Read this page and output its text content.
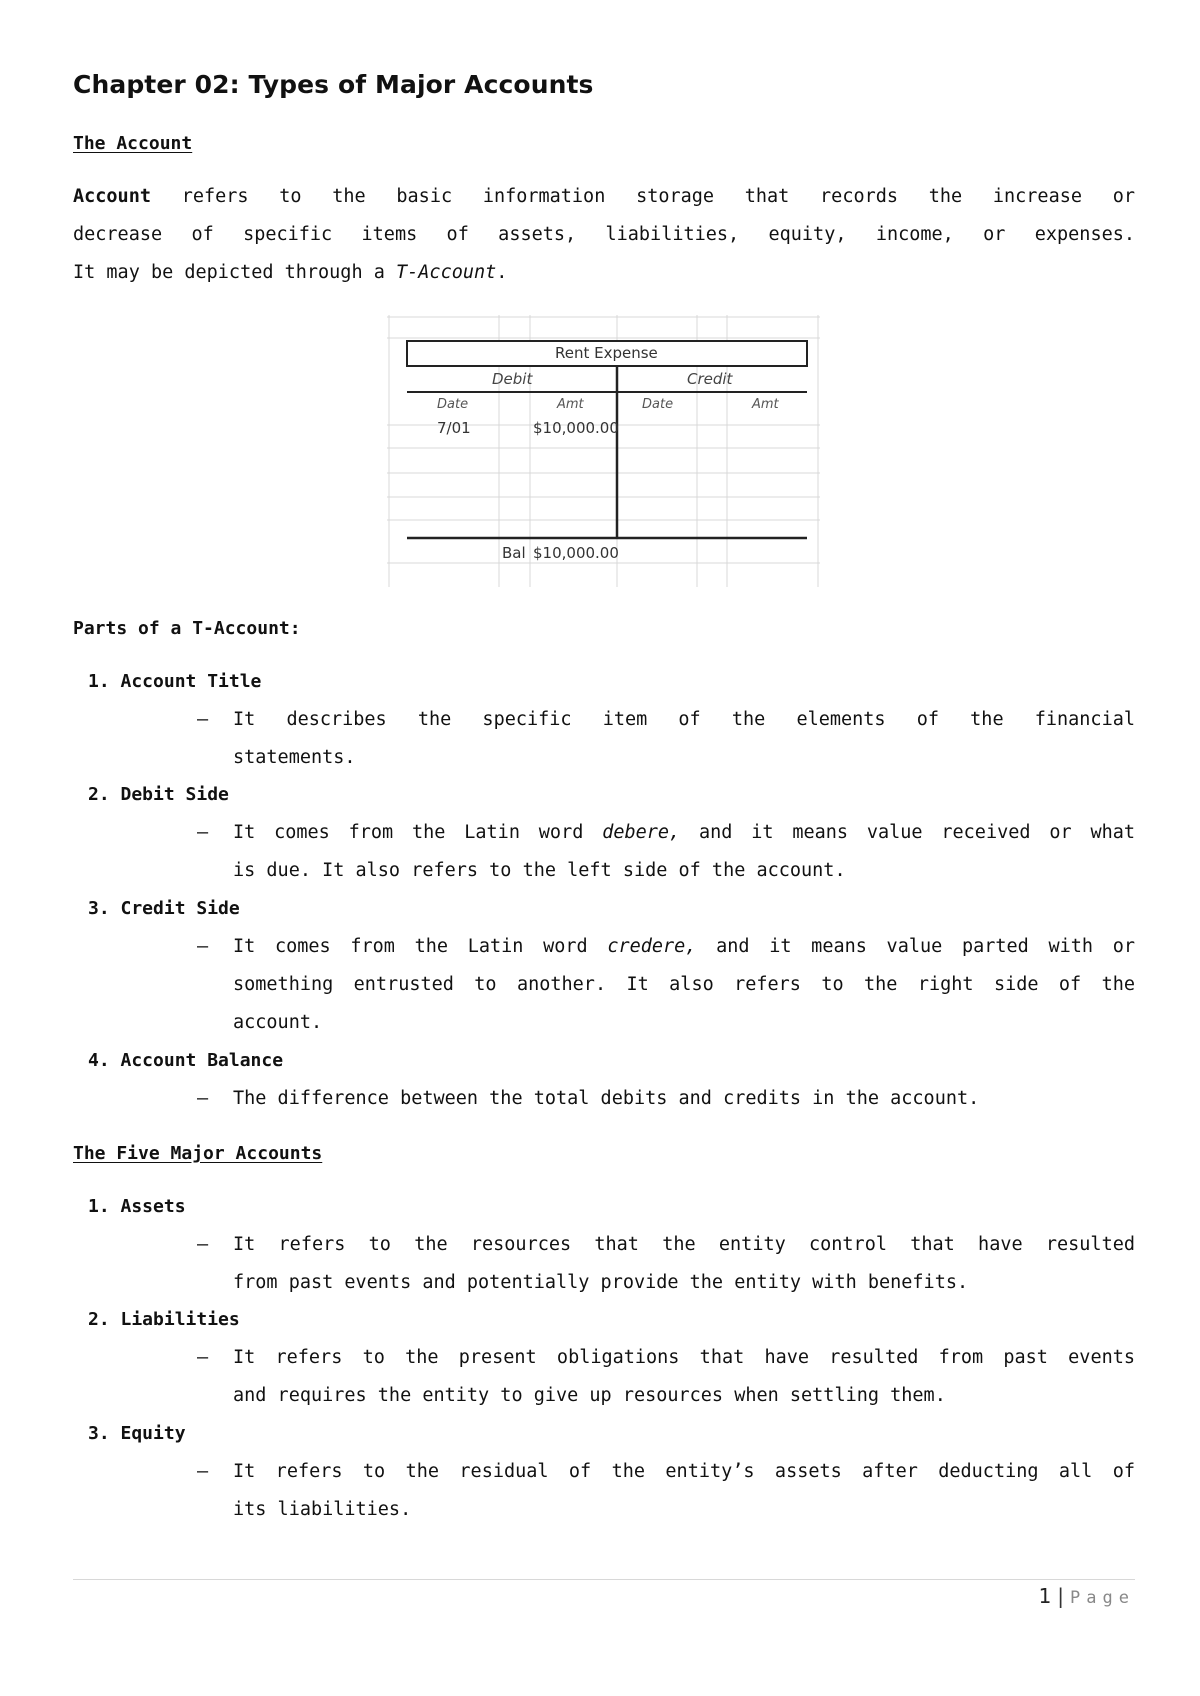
Chapter 02: Types of Major Accounts
The Account
Account refers to the basic information storage that records the increase or
decrease of specific items of assets, liabilities, equity, income, or expenses.
It may be depicted through a T-Account.
Rent Expense
Debit	Credit
Date	Amt	Date	Amt
7/01	$10,000.00
Bal $10,000.00
Parts of a T-Account:
1. Account Title
– It describes the specific item of the elements of the financial
statements.
2. Debit Side
– It comes from the Latin word debere, and it means value received or what
is due. It also refers to the left side of the account.
3. Credit Side
– It comes from the Latin word credere, and it means value parted with or
something entrusted to another. It also refers to the right side of the
account.
4. Account Balance
– The difference between the total debits and credits in the account.
The Five Major Accounts
1. Assets
– It refers to the resources that the entity control that have resulted
from past events and potentially provide the entity with benefits.
2. Liabilities
– It refers to the present obligations that have resulted from past events
and requires the entity to give up resources when settling them.
3. Equity
– It refers to the residual of the entity’s assets after deducting all of
its liabilities.
1 | Page
